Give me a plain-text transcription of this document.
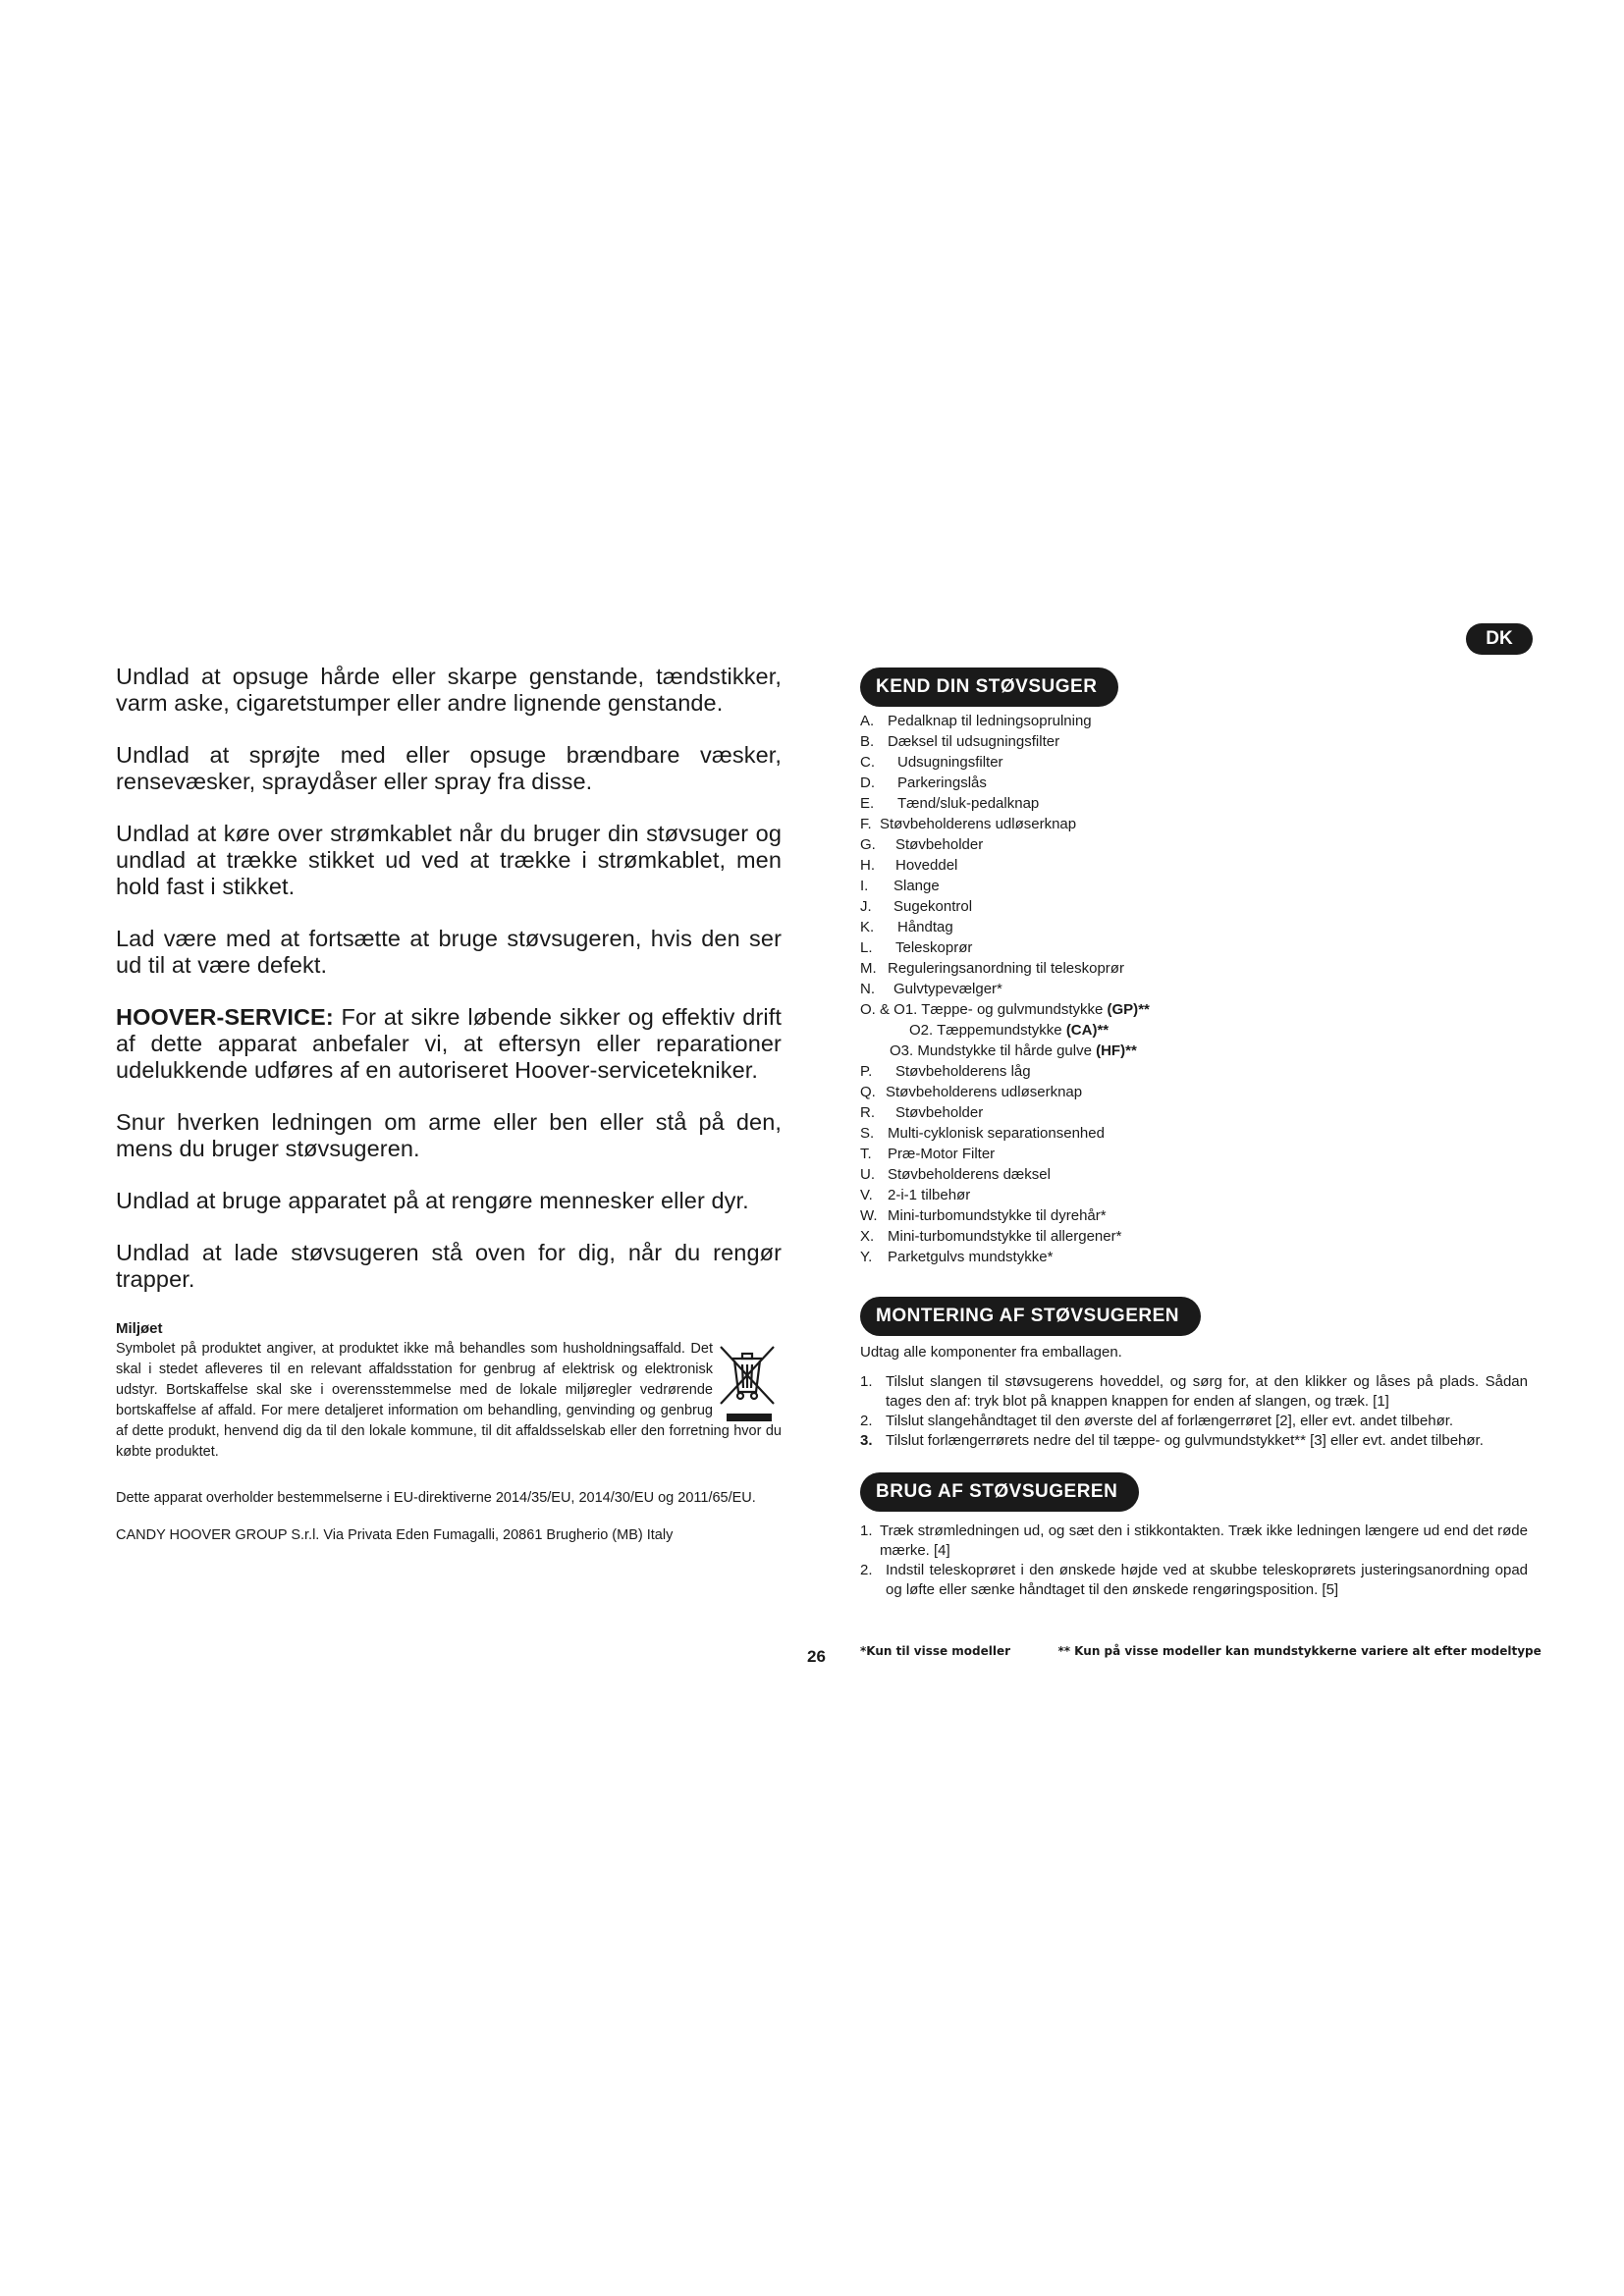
DK

Undlad at opsuge hårde eller skarpe genstande, tændstikker, varm aske, cigaretstumper eller andre lignende genstande.

Undlad at sprøjte med eller opsuge brændbare væsker, rensevæsker, spraydåser eller spray fra disse.

Undlad at køre over strømkablet når du bruger din støvsuger og undlad at trække stikket ud ved at trække i strømkablet, men hold fast i stikket.

Lad være med at fortsætte at bruge støvsugeren, hvis den ser ud til at være defekt.

HOOVER-SERVICE: For at sikre løbende sikker og effektiv drift af dette apparat anbefaler vi, at eftersyn eller reparationer udelukkende udføres af en autoriseret Hoover-servicetekniker.

Snur hverken ledningen om arme eller ben eller stå på den, mens du bruger støvsugeren.

Undlad at bruge apparatet på at rengøre mennesker eller dyr.

Undlad at lade støvsugeren stå oven for dig, når du rengør trapper.

Miljøet

Symbolet på produktet angiver, at produktet ikke må behandles som husholdningsaffald. Det skal i stedet afleveres til en relevant affaldsstation for genbrug af elektrisk og elektronisk udstyr. Bortskaffelse skal ske i overensstemmelse med de lokale miljøregler vedrørende bortskaffelse af affald. For mere detaljeret information om behandling, genvinding og genbrug af dette produkt, henvend dig da til den lokale kommune, til dit affaldsselskab eller den forretning hvor du købte produktet.

Dette apparat overholder bestemmelserne i EU-direktiverne 2014/35/EU, 2014/30/EU og 2011/65/EU.

CANDY HOOVER GROUP S.r.l. Via Privata Eden Fumagalli, 20861 Brugherio (MB) Italy

KEND DIN STØVSUGER
A. Pedalknap til ledningsoprulning
B. Dæksel til udsugningsfilter
C. Udsugningsfilter
D. Parkeringslås
E. Tænd/sluk-pedalknap
F. Støvbeholderens udløserknap
G. Støvbeholder
H. Hoveddel
I. Slange
J. Sugekontrol
K. Håndtag
L. Teleskoprør
M. Reguleringsanordning til teleskoprør
N. Gulvtypevælger*
O. & O1. Tæppe- og gulvmundstykke (GP)**
O2. Tæppemundstykke (CA)**
O3. Mundstykke til hårde gulve (HF)**
P. Støvbeholderens låg
Q. Støvbeholderens udløserknap
R. Støvbeholder
S. Multi-cyklonisk separationsenhed
T. Præ-Motor Filter
U. Støvbeholderens dæksel
V. 2-i-1 tilbehør
W. Mini-turbomundstykke til dyrehår*
X. Mini-turbomundstykke til allergener*
Y. Parketgulvs mundstykke*
MONTERING AF STØVSUGEREN

Udtag alle komponenter fra emballagen.

1. Tilslut slangen til støvsugerens hoveddel, og sørg for, at den klikker og låses på plads. Sådan tages den af: tryk blot på knappen knappen for enden af slangen, og træk. [1]
2. Tilslut slangehåndtaget til den øverste del af forlængerrøret [2], eller evt. andet tilbehør.
3. Tilslut forlængerrørets nedre del til tæppe- og gulvmundstykket** [3] eller evt. andet tilbehør.
BRUG AF STØVSUGEREN
1. Træk strømledningen ud, og sæt den i stikkontakten. Træk ikke ledningen længere ud end det røde mærke. [4]
2. Indstil teleskoprøret i den ønskede højde ved at skubbe teleskoprørets justeringsanordning opad og løfte eller sænke håndtaget til den ønskede rengøringsposition. [5]
26	*Kun til visse modeller	** Kun på visse modeller kan mundstykkerne variere alt efter modeltype
